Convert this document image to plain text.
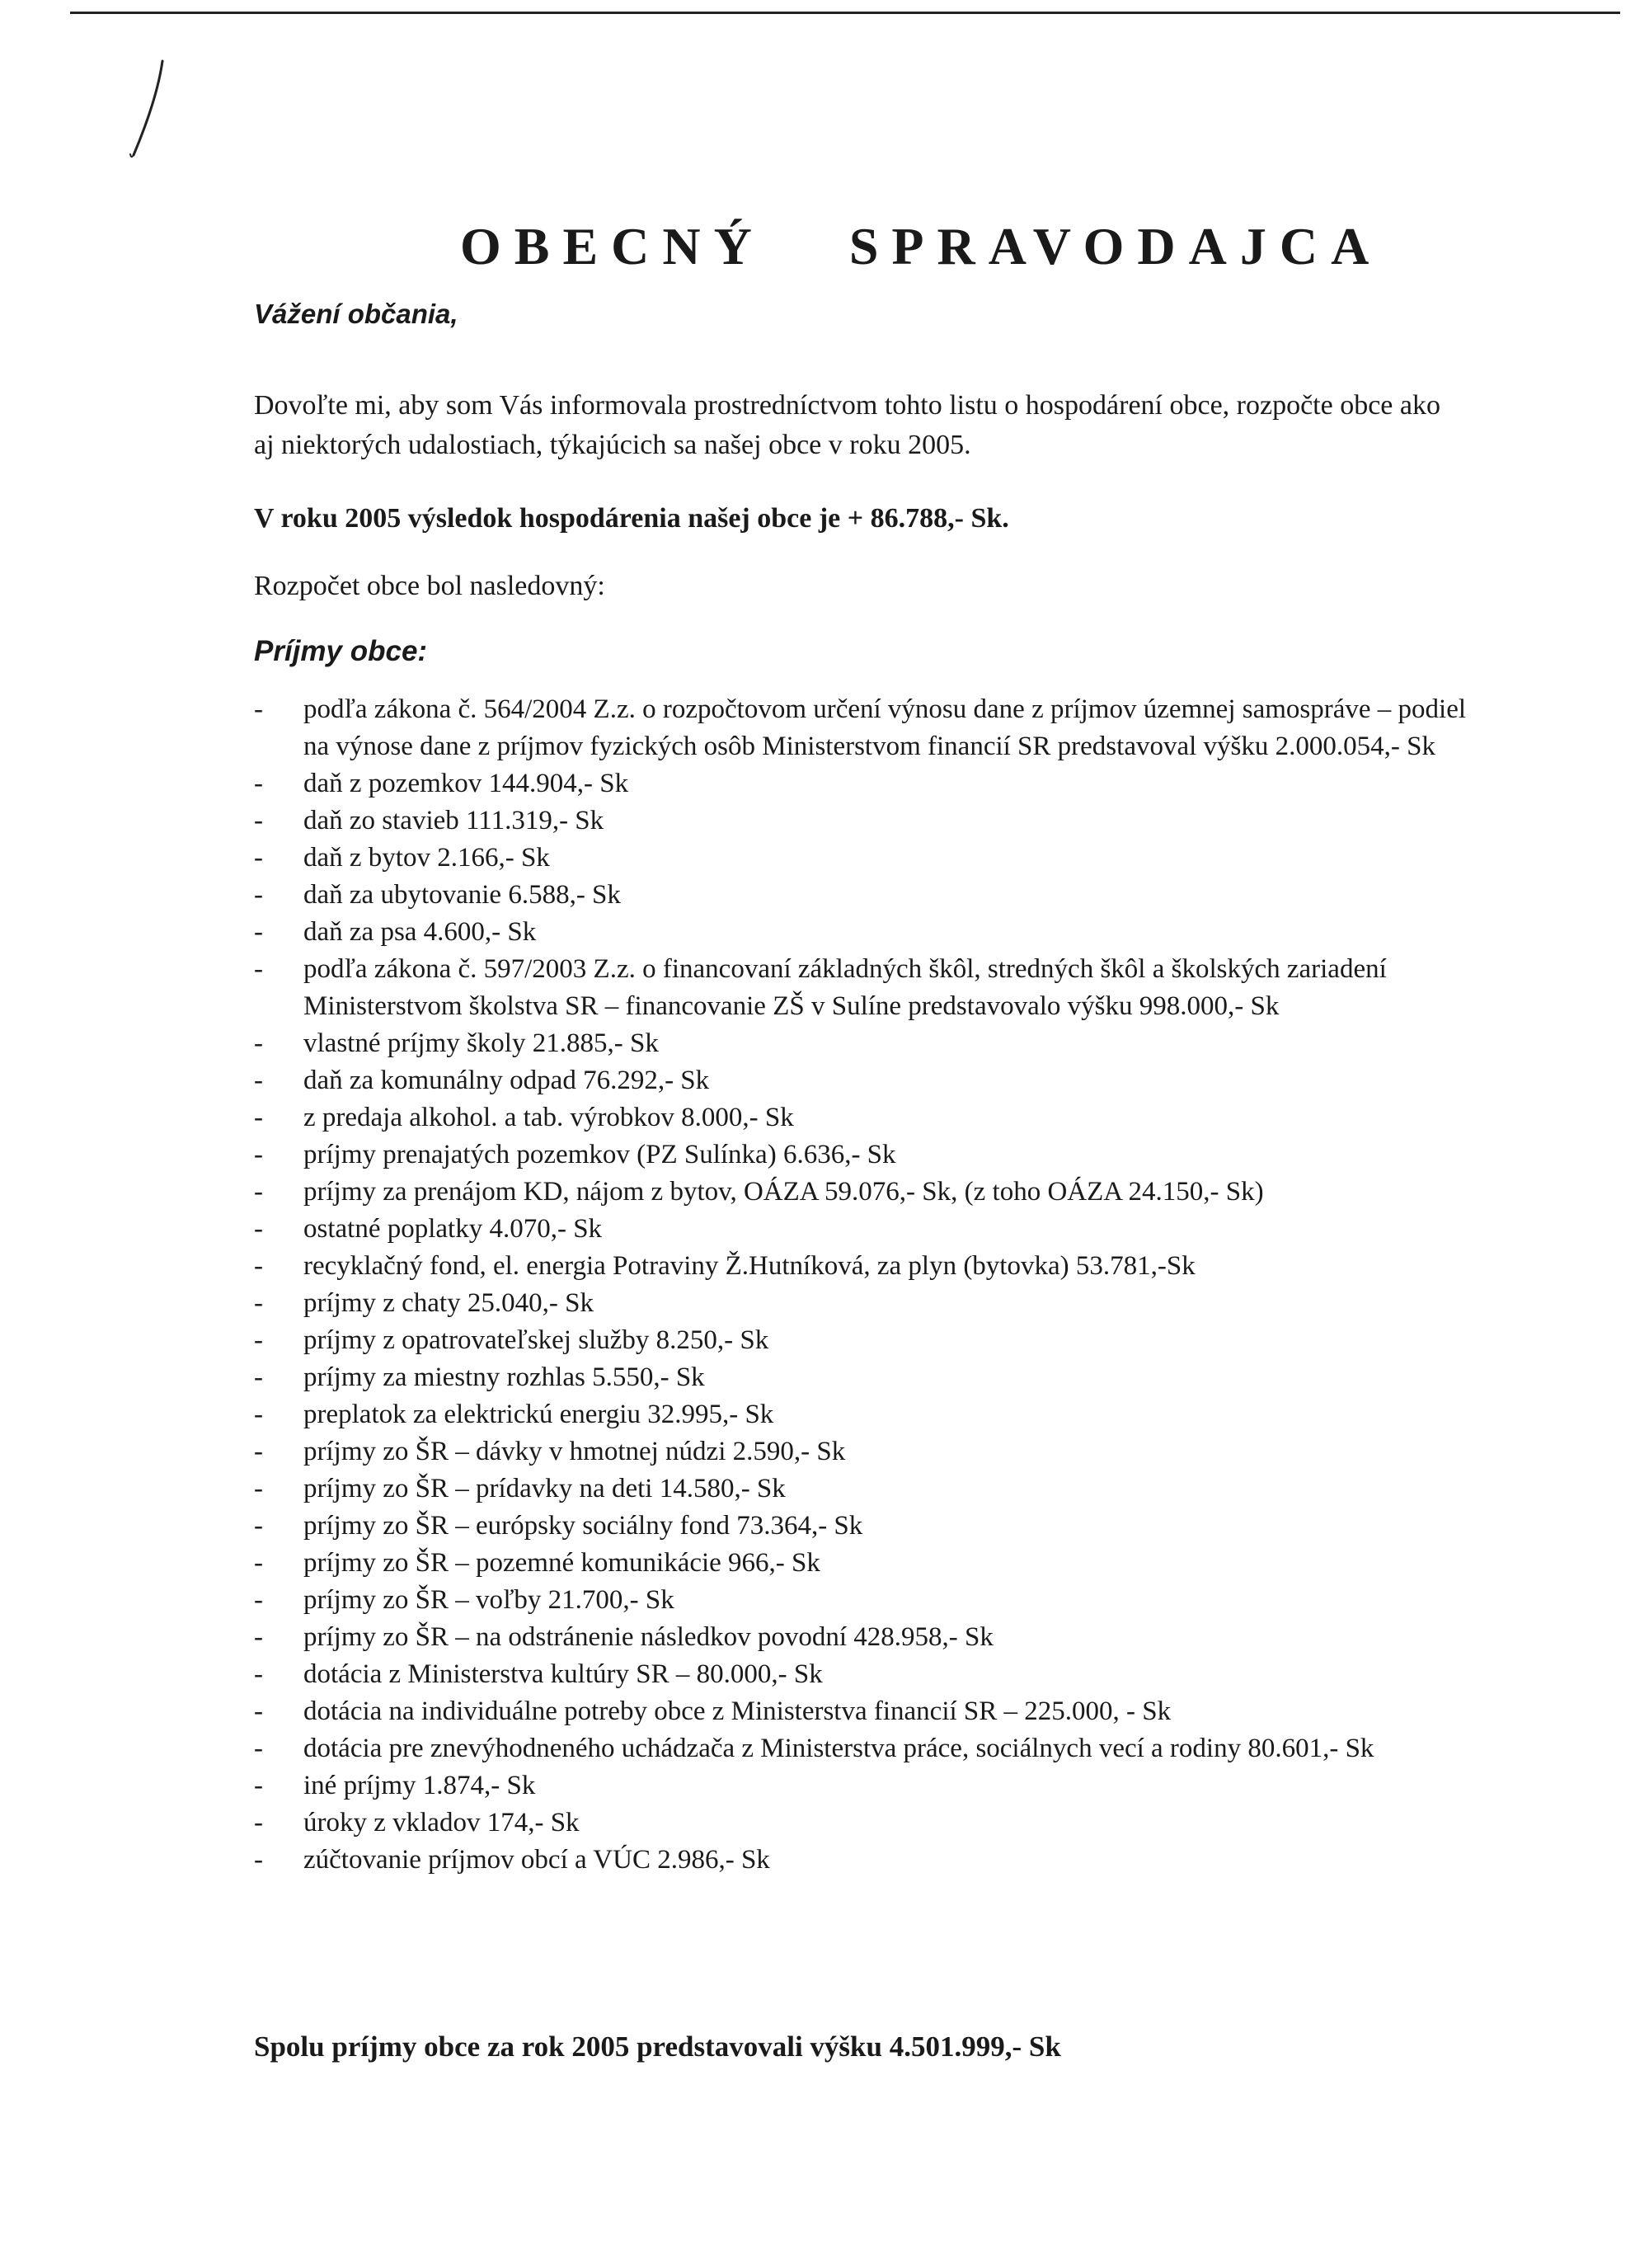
OBECNÝ SPRAVODAJCA

Vážení občania,

Dovoľte mi, aby som Vás informovala prostredníctvom tohto listu o hospodárení obce, rozpočte obce ako aj niektorých udalostiach, týkajúcich sa našej obce v roku 2005.

V roku 2005 výsledok hospodárenia našej obce je + 86.788,- Sk.

Rozpočet obce bol nasledovný:

Príjmy obce:
- podľa zákona č. 564/2004 Z.z. o rozpočtovom určení výnosu dane z príjmov územnej samospráve – podiel na výnose dane z príjmov fyzických osôb Ministerstvom financií SR predstavoval výšku 2.000.054,- Sk
- daň z pozemkov 144.904,- Sk
- daň zo stavieb 111.319,- Sk
- daň z bytov 2.166,- Sk
- daň za ubytovanie 6.588,- Sk
- daň za psa 4.600,- Sk
- podľa zákona č. 597/2003 Z.z. o financovaní základných škôl, stredných škôl a školských zariadení Ministerstvom školstva SR – financovanie ZŠ v Sulíne predstavovalo výšku 998.000,- Sk
- vlastné príjmy školy 21.885,- Sk
- daň za komunálny odpad 76.292,- Sk
- z predaja alkohol. a tab. výrobkov 8.000,- Sk
- príjmy prenajatých pozemkov (PZ Sulínka) 6.636,- Sk
- príjmy za prenájom KD, nájom z bytov, OÁZA 59.076,- Sk, (z toho OÁZA 24.150,- Sk)
- ostatné poplatky 4.070,- Sk
- recyklačný fond, el. energia Potraviny Ž.Hutníková, za plyn (bytovka) 53.781,-Sk
- príjmy z chaty 25.040,- Sk
- príjmy z opatrovateľskej služby 8.250,- Sk
- príjmy za miestny rozhlas 5.550,- Sk
- preplatok za elektrickú energiu 32.995,- Sk
- príjmy zo ŠR – dávky v hmotnej núdzi 2.590,- Sk
- príjmy zo ŠR – prídavky na deti 14.580,- Sk
- príjmy zo ŠR – európsky sociálny fond 73.364,- Sk
- príjmy zo ŠR – pozemné komunikácie 966,- Sk
- príjmy zo ŠR – voľby 21.700,- Sk
- príjmy zo ŠR – na odstránenie následkov povodní 428.958,- Sk
- dotácia z Ministerstva kultúry SR – 80.000,- Sk
- dotácia na individuálne potreby obce z Ministerstva financií SR – 225.000, - Sk
- dotácia pre znevýhodneného uchádzača z Ministerstva práce, sociálnych vecí a rodiny 80.601,- Sk
- iné príjmy 1.874,- Sk
- úroky z vkladov 174,- Sk
- zúčtovanie príjmov obcí a VÚC 2.986,- Sk

Spolu príjmy obce za rok 2005 predstavovali výšku 4.501.999,- Sk
